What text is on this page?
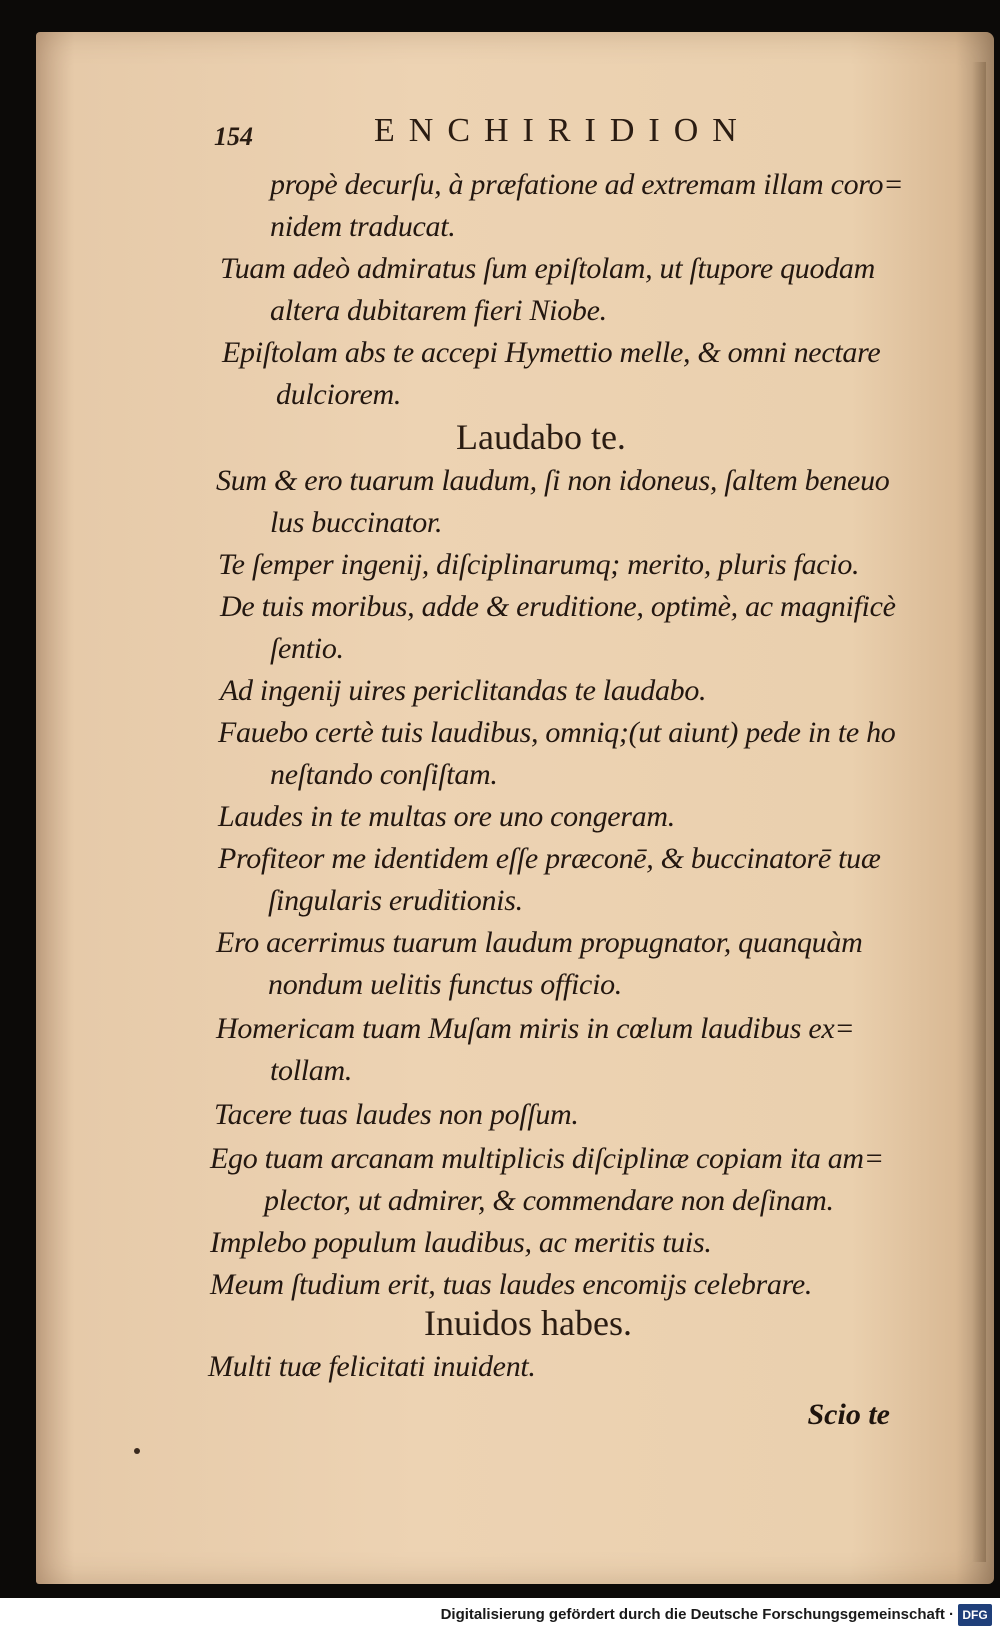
154	ENCHIRIDION
propè decurſu, à præfatione ad extremam illam coro=
nidem traducat.
Tuam adeò admiratus ſum epiſtolam, ut ſtupore quodam
altera dubitarem fieri Niobe.
Epiſtolam abs te accepi Hymettio melle, & omni nectare
dulciorem.
Laudabo te.
Sum & ero tuarum laudum, ſi non idoneus, ſaltem beneuo
lus buccinator.
Te ſemper ingenij, diſciplinarumq; merito, pluris facio.
De tuis moribus, adde & eruditione, optimè, ac magnificè
ſentio.
Ad ingenij uires periclitandas te laudabo.
Fauebo certè tuis laudibus, omniq;(ut aiunt) pede in te ho
neſtando conſiſtam.
Laudes in te multas ore uno congeram.
Profiteor me identidem eſſe præconē, & buccinatorē tuæ
ſingularis eruditionis.
Ero acerrimus tuarum laudum propugnator, quanquàm
nondum uelitis functus officio.
Homericam tuam Muſam miris in cœlum laudibus ex=
tollam.
Tacere tuas laudes non poſſum.
Ego tuam arcanam multiplicis diſciplinæ copiam ita am=
plector, ut admirer, & commendare non deſinam.
Implebo populum laudibus, ac meritis tuis.
Meum ſtudium erit, tuas laudes encomijs celebrare.
Inuidos habes.
Multi tuæ felicitati inuident.
Scio te
Digitalisierung gefördert durch die Deutsche Forschungsgemeinschaft · DFG
